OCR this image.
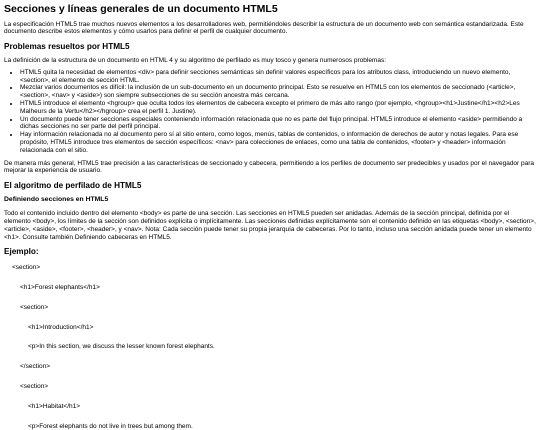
Secciones y líneas generales de un documento HTML5

La especificación HTML5 trae muchos nuevos elementos a los desarrolladores web, permitiéndoles describir la estructura de un documento web con semántica estandarizada. Este documento describe estos elementos y cómo usarlos para definir el perfil de cualquier documento.

Problemas resueltos por HTML5

La definición de la estructura de un documento en HTML 4 y su algoritmo de perfilado es muy tosco y genera numerosos problemas:

• HTML5 quita la necesidad de elementos <div> para definir secciones semánticas sin definir valores específicos para los atributos class, introduciendo un nuevo elemento, <section>, el elemento de sección HTML.
• Mezclar varios documentos es difícil: la inclusión de un sub-documento en un documento principal. Esto se resuelve en HTML5 con los elementos de seccionado (<article>, <section>, <nav> y <aside>) son siempre subsecciones de su sección ancestra más cercana.
• HTML5 introduce el elemento <hgroup> que oculta todos los elementos de cabecera excepto el primero de más alto rango (por ejemplo, <hgroup><h1>Justine</h1><h2>Les Malheurs de la Vertu</h2></hgroup> crea el perfil 1. Justine).
• Un documento puede tener secciones especiales conteniendo información relacionada que no es parte del flujo principal. HTML5 introduce el elemento <aside> permitiendo a dichas secciones no ser parte del perfil principal.
• Hay información relacionada no al documento pero sí al sitio entero, como logos, menús, tablas de contenidos, o información de derechos de autor y notas legales. Para ese propósito, HTML5 introduce tres elementos de sección específicos: <nav> para colecciones de enlaces, como una tabla de contenidos, <footer> y <header> información relacionada con el sitio.

De manera más general, HTML5 trae precisión a las características de seccionado y cabecera, permitiendo a los perfiles de documento ser predecibles y usados por el navegador para mejorar la experiencia de usuario.

El algoritmo de perfilado de HTML5
Definiendo secciones en HTML5

Todo el contenido incluido dentro del elemento <body> es parte de una sección. Las secciones en HTML5 pueden ser anidadas. Además de la sección principal, definida por el elemento <body>, los límites de la sección son definidos explícita o implícitamente. Las secciones definidas explícitamente son el contenido definido en las etiquetas <body>, <section>, <article>, <aside>, <footer>, <header>, y <nav>. Nota: Cada sección puede tener su propia jerarquía de cabeceras. Por lo tanto, incluso una sección anidada puede tener un elemento <h1>. Consulte también Definiendo cabeceras en HTML5.

Ejemplo:
<section>
<h1>Forest elephants</h1>
<section>
<h1>Introduction</h1>
<p>In this section, we discuss the lesser known forest elephants.
</section>
<section>
<h1>Habitat</h1>
<p>Forest elephants do not live in trees but among them.
